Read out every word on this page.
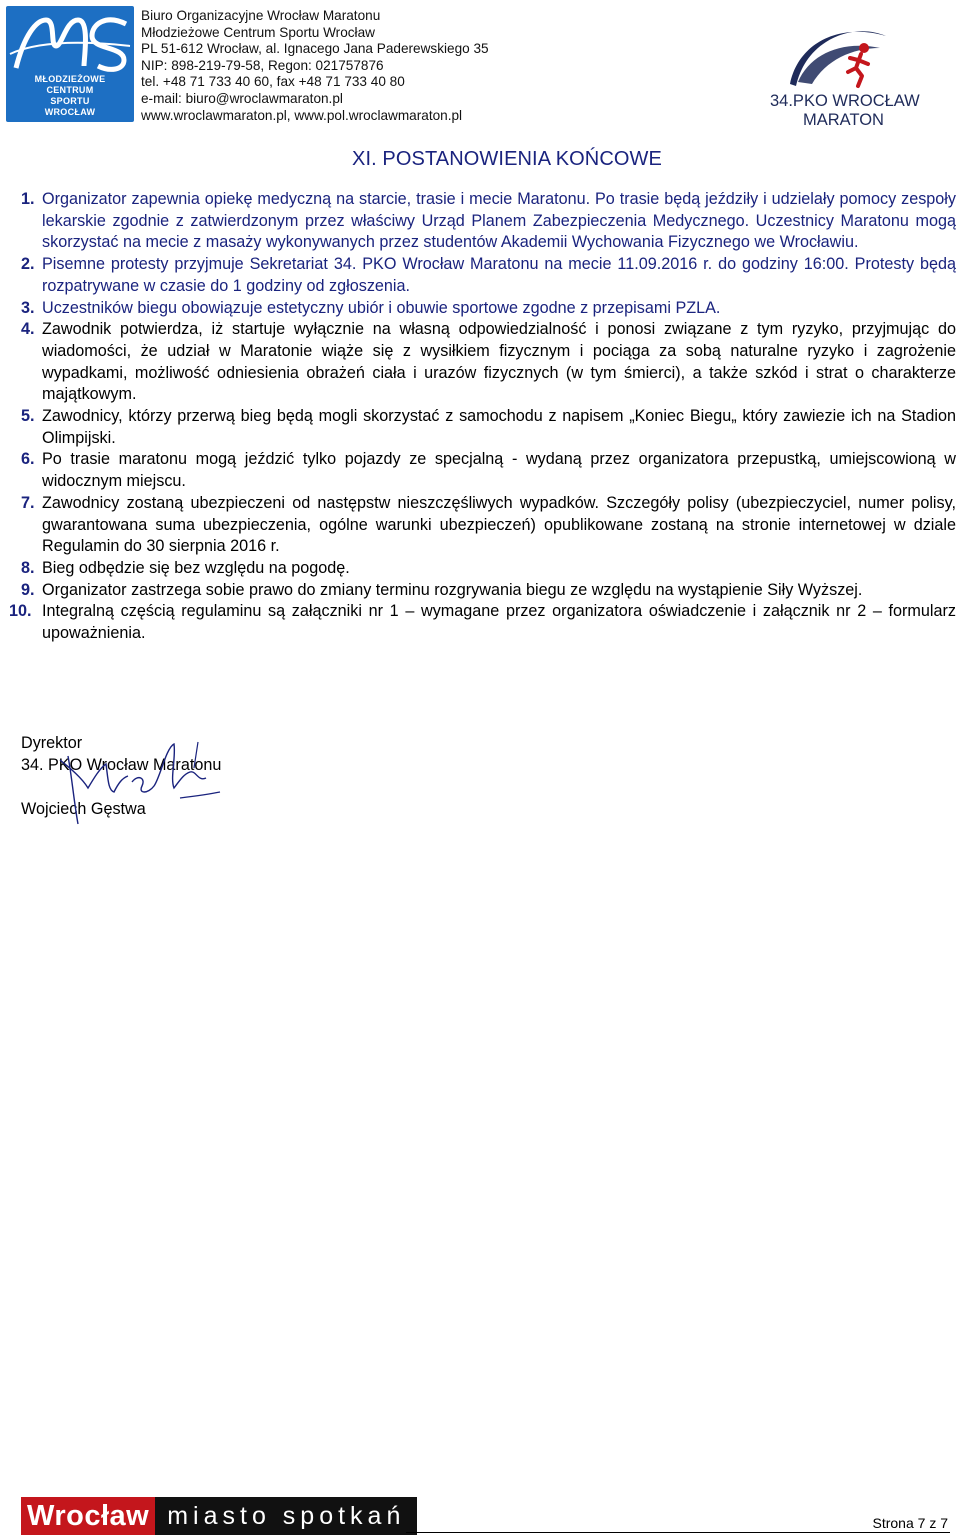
MŁODZIEŻOWE
CENTRUM
SPORTU
WROCŁAW
Biuro Organizacyjne Wrocław Maratonu
Młodzieżowe Centrum Sportu Wrocław
PL 51-612 Wrocław, al. Ignacego Jana Paderewskiego 35
NIP: 898-219-79-58, Regon: 021757876
tel. +48 71 733 40 60, fax +48 71 733 40 80
e-mail: biuro@wroclawmaraton.pl
www.wroclawmaraton.pl, www.pol.wroclawmaraton.pl
34.PKO WROCŁAW
MARATON
XI. POSTANOWIENIA KOŃCOWE
1. Organizator zapewnia opiekę medyczną na starcie, trasie i mecie Maratonu. Po trasie będą jeździły i udzielały pomocy zespoły lekarskie zgodnie z zatwierdzonym przez właściwy Urząd Planem Zabezpieczenia Medycznego. Uczestnicy Maratonu mogą skorzystać na mecie z masaży wykonywanych przez studentów Akademii Wychowania Fizycznego we Wrocławiu.
2. Pisemne protesty przyjmuje Sekretariat 34. PKO Wrocław Maratonu na mecie 11.09.2016 r. do godziny 16:00. Protesty będą rozpatrywane w czasie do 1 godziny od zgłoszenia.
3. Uczestników biegu obowiązuje estetyczny ubiór i obuwie sportowe zgodne z przepisami PZLA.
4. Zawodnik potwierdza, iż startuje wyłącznie na własną odpowiedzialność i ponosi związane z tym ryzyko, przyjmując do wiadomości, że udział w Maratonie wiąże się z wysiłkiem fizycznym i pociąga za sobą naturalne ryzyko i zagrożenie wypadkami, możliwość odniesienia obrażeń ciała i urazów fizycznych (w tym śmierci), a także szkód i strat o charakterze majątkowym.
5. Zawodnicy, którzy przerwą bieg będą mogli skorzystać z samochodu z napisem „Koniec Biegu„ który zawiezie ich na Stadion Olimpijski.
6. Po trasie maratonu mogą jeździć tylko pojazdy ze specjalną - wydaną przez organizatora przepustką, umiejscowioną w widocznym miejscu.
7. Zawodnicy zostaną ubezpieczeni od następstw nieszczęśliwych wypadków. Szczegóły polisy (ubezpieczyciel, numer polisy, gwarantowana suma ubezpieczenia, ogólne warunki ubezpieczeń) opublikowane zostaną na stronie internetowej w dziale Regulamin do 30 sierpnia 2016 r.
8. Bieg odbędzie się bez względu na pogodę.
9. Organizator zastrzega sobie prawo do zmiany terminu rozgrywania biegu ze względu na wystąpienie Siły Wyższej.
10. Integralną częścią regulaminu są załączniki nr 1 – wymagane przez organizatora oświadczenie i załącznik nr 2 – formularz upoważnienia.
Dyrektor
34. PKO Wrocław Maratonu
Wojciech Gęstwa
Wrocław miasto spotkań	Strona 7 z 7
